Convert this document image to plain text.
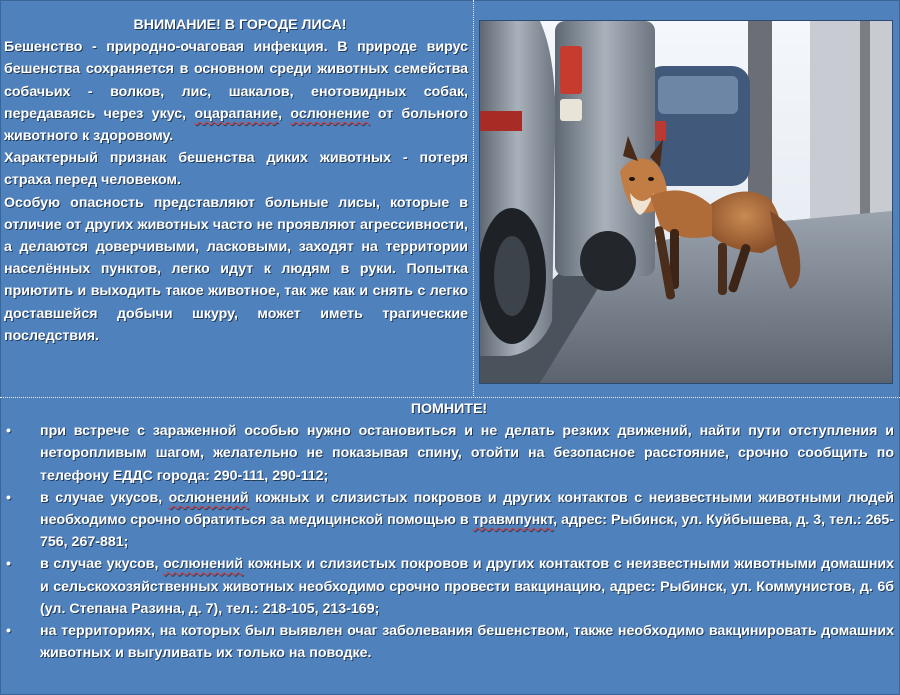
ВНИМАНИЕ! В ГОРОДЕ ЛИСА!

Бешенство - природно-очаговая инфекция. В природе вирус бешенства сохраняется в основном среди животных семейства собачьих - волков, лис, шакалов, енотовидных собак, передаваясь через укус, оцарапание, ослюнение от больного животного к здоровому.

Характерный признак бешенства диких животных - потеря страха перед человеком.

Особую опасность представляют больные лисы, которые в отличие от других животных часто не проявляют агрессивности, а делаются доверчивыми, ласковыми, заходят на территории населённых пунктов, легко идут к людям в руки. Попытка приютить и выходить такое животное, так же как и снять с легко доставшейся добычи шкуру, может иметь трагические последствия.

ПОМНИТЕ!

• при встрече с зараженной особью нужно остановиться и не делать резких движений, найти пути отступления и неторопливым шагом, желательно не показывая спину, отойти на безопасное расстояние, срочно сообщить по телефону ЕДДС города: 290-111, 290-112;
• в случае укусов, ослюнений кожных и слизистых покровов и других контактов с неизвестными животными людей необходимо срочно обратиться за медицинской помощью в травмпункт, адрес: Рыбинск, ул. Куйбышева, д. 3, тел.: 265-756, 267-881;
• в случае укусов, ослюнений кожных и слизистых покровов и других контактов с неизвестными животными домашних и сельскохозяйственных животных необходимо срочно провести вакцинацию, адрес: Рыбинск, ул. Коммунистов, д. 6б (ул. Степана Разина, д. 7), тел.: 218-105, 213-169;
• на территориях, на которых был выявлен очаг заболевания бешенством, также необходимо вакцинировать домашних животных и выгуливать их только на поводке.
